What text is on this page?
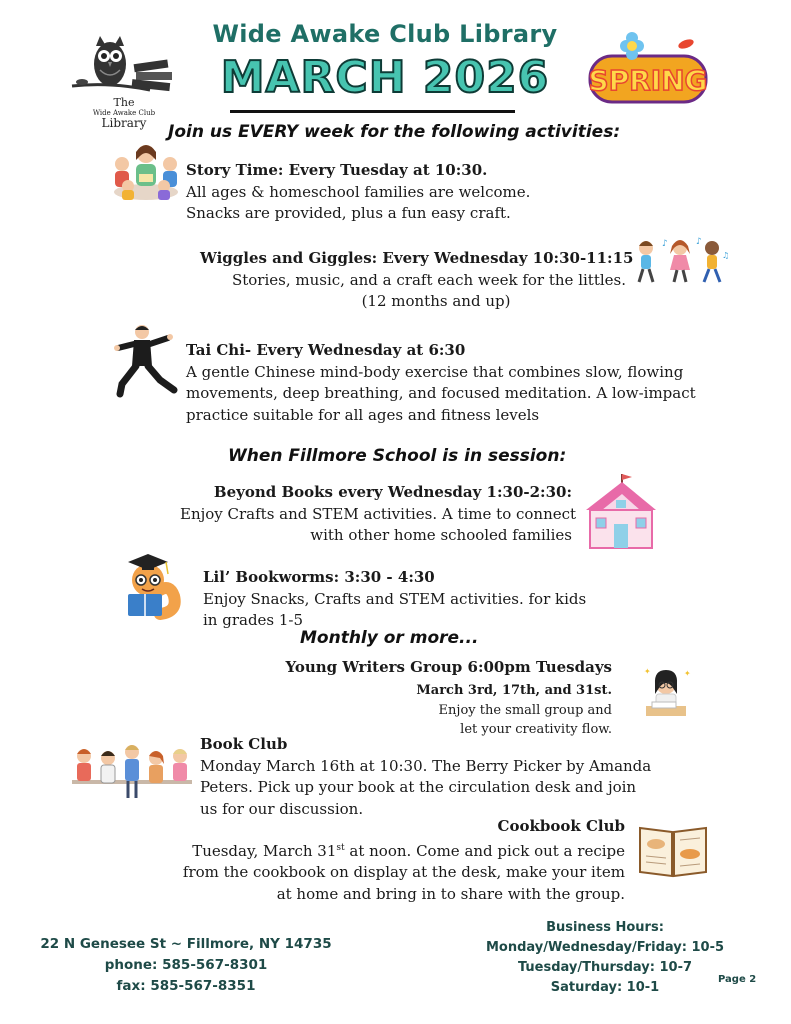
The
Wide Awake Club
Library
Wide Awake Club Library
MARCH 2026	SPRING
Join us EVERY week for the following activities:
Story Time: Every Tuesday at 10:30.
All ages & homeschool families are welcome.
Snacks are provided, plus a fun easy craft.
Wiggles and Giggles: Every Wednesday 10:30-11:15
Stories, music, and a craft each week for the littles.
(12 months and up)
♪	♪
♫
Tai Chi- Every Wednesday at 6:30
A gentle Chinese mind-body exercise that combines slow, flowing
movements, deep breathing, and focused meditation. A low-impact
practice suitable for all ages and fitness levels
When Fillmore School is in session:
Beyond Books every Wednesday 1:30-2:30:
Enjoy Crafts and STEM activities. A time to connect
with other home schooled families
Lil’ Bookworms: 3:30 - 4:30
Enjoy Snacks, Crafts and STEM activities. for kids
in grades 1-5
Monthly or more...
Young Writers Group 6:00pm Tuesdays
March 3rd, 17th, and 31st.
Enjoy the small group and
let your creativity flow.
✦	✦
Book Club
Monday March 16th at 10:30. The Berry Picker by Amanda
Peters. Pick up your book at the circulation desk and join
us for our discussion.
Cookbook Club
Tuesday, March 31st at noon. Come and pick out a recipe
from the cookbook on display at the desk, make your item
at home and bring in to share with the group.
22 N Genesee St ~ Fillmore, NY 14735
phone: 585-567-8301
fax: 585-567-8351
Business Hours:
Monday/Wednesday/Friday: 10-5
Tuesday/Thursday: 10-7
Saturday: 10-1
Page 2
